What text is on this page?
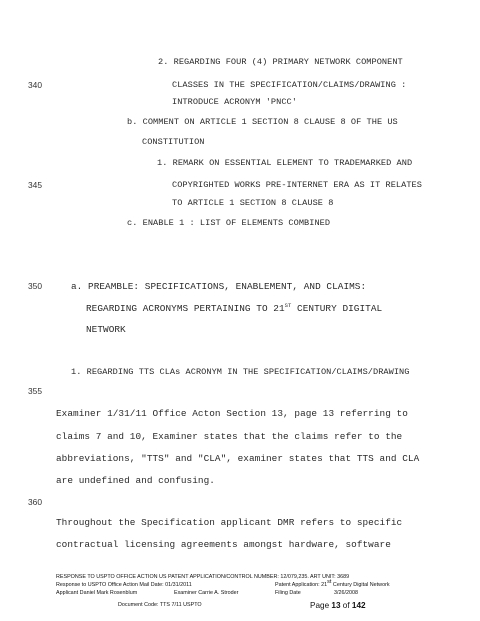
340
345
350
355
360
2. REGARDING FOUR (4) PRIMARY NETWORK COMPONENT
CLASSES IN THE SPECIFICATION/CLAIMS/DRAWING :
INTRODUCE ACRONYM 'PNCC'
b. COMMENT ON ARTICLE 1 SECTION 8 CLAUSE 8 OF THE US
CONSTITUTION
1. REMARK ON ESSENTIAL ELEMENT TO TRADEMARKED AND
COPYRIGHTED WORKS PRE-INTERNET ERA AS IT RELATES
TO ARTICLE 1 SECTION 8 CLAUSE 8
c. ENABLE 1 : LIST OF ELEMENTS COMBINED
a. PREAMBLE: SPECIFICATIONS, ENABLEMENT, AND CLAIMS:
REGARDING ACRONYMS PERTAINING TO 21ST CENTURY DIGITAL
NETWORK
1. REGARDING TTS CLAs ACRONYM IN THE SPECIFICATION/CLAIMS/DRAWING
Examiner 1/31/11 Office Acton Section 13, page 13 referring to
claims 7 and 10, Examiner states that the claims refer to the
abbreviations, "TTS" and "CLA", examiner states that TTS and CLA
are undefined and confusing.
Throughout the Specification applicant DMR refers to specific
contractual licensing agreements amongst hardware, software
RESPONSE TO USPTO OFFICE ACTION US PATENT APPLICATION/CONTROL NUMBER: 12/079,235. ART UNIT: 3689
Response to USPTO Office Action Mail Date: 01/31/2011	Patent Application: 21st Century Digital Network
Applicant Daniel Mark Rosenblum	Examiner Carrie A. Stroder	Filing Date	3/26/2008
Document Code: TTS 7/11 USPTO	Page 13 of 142
